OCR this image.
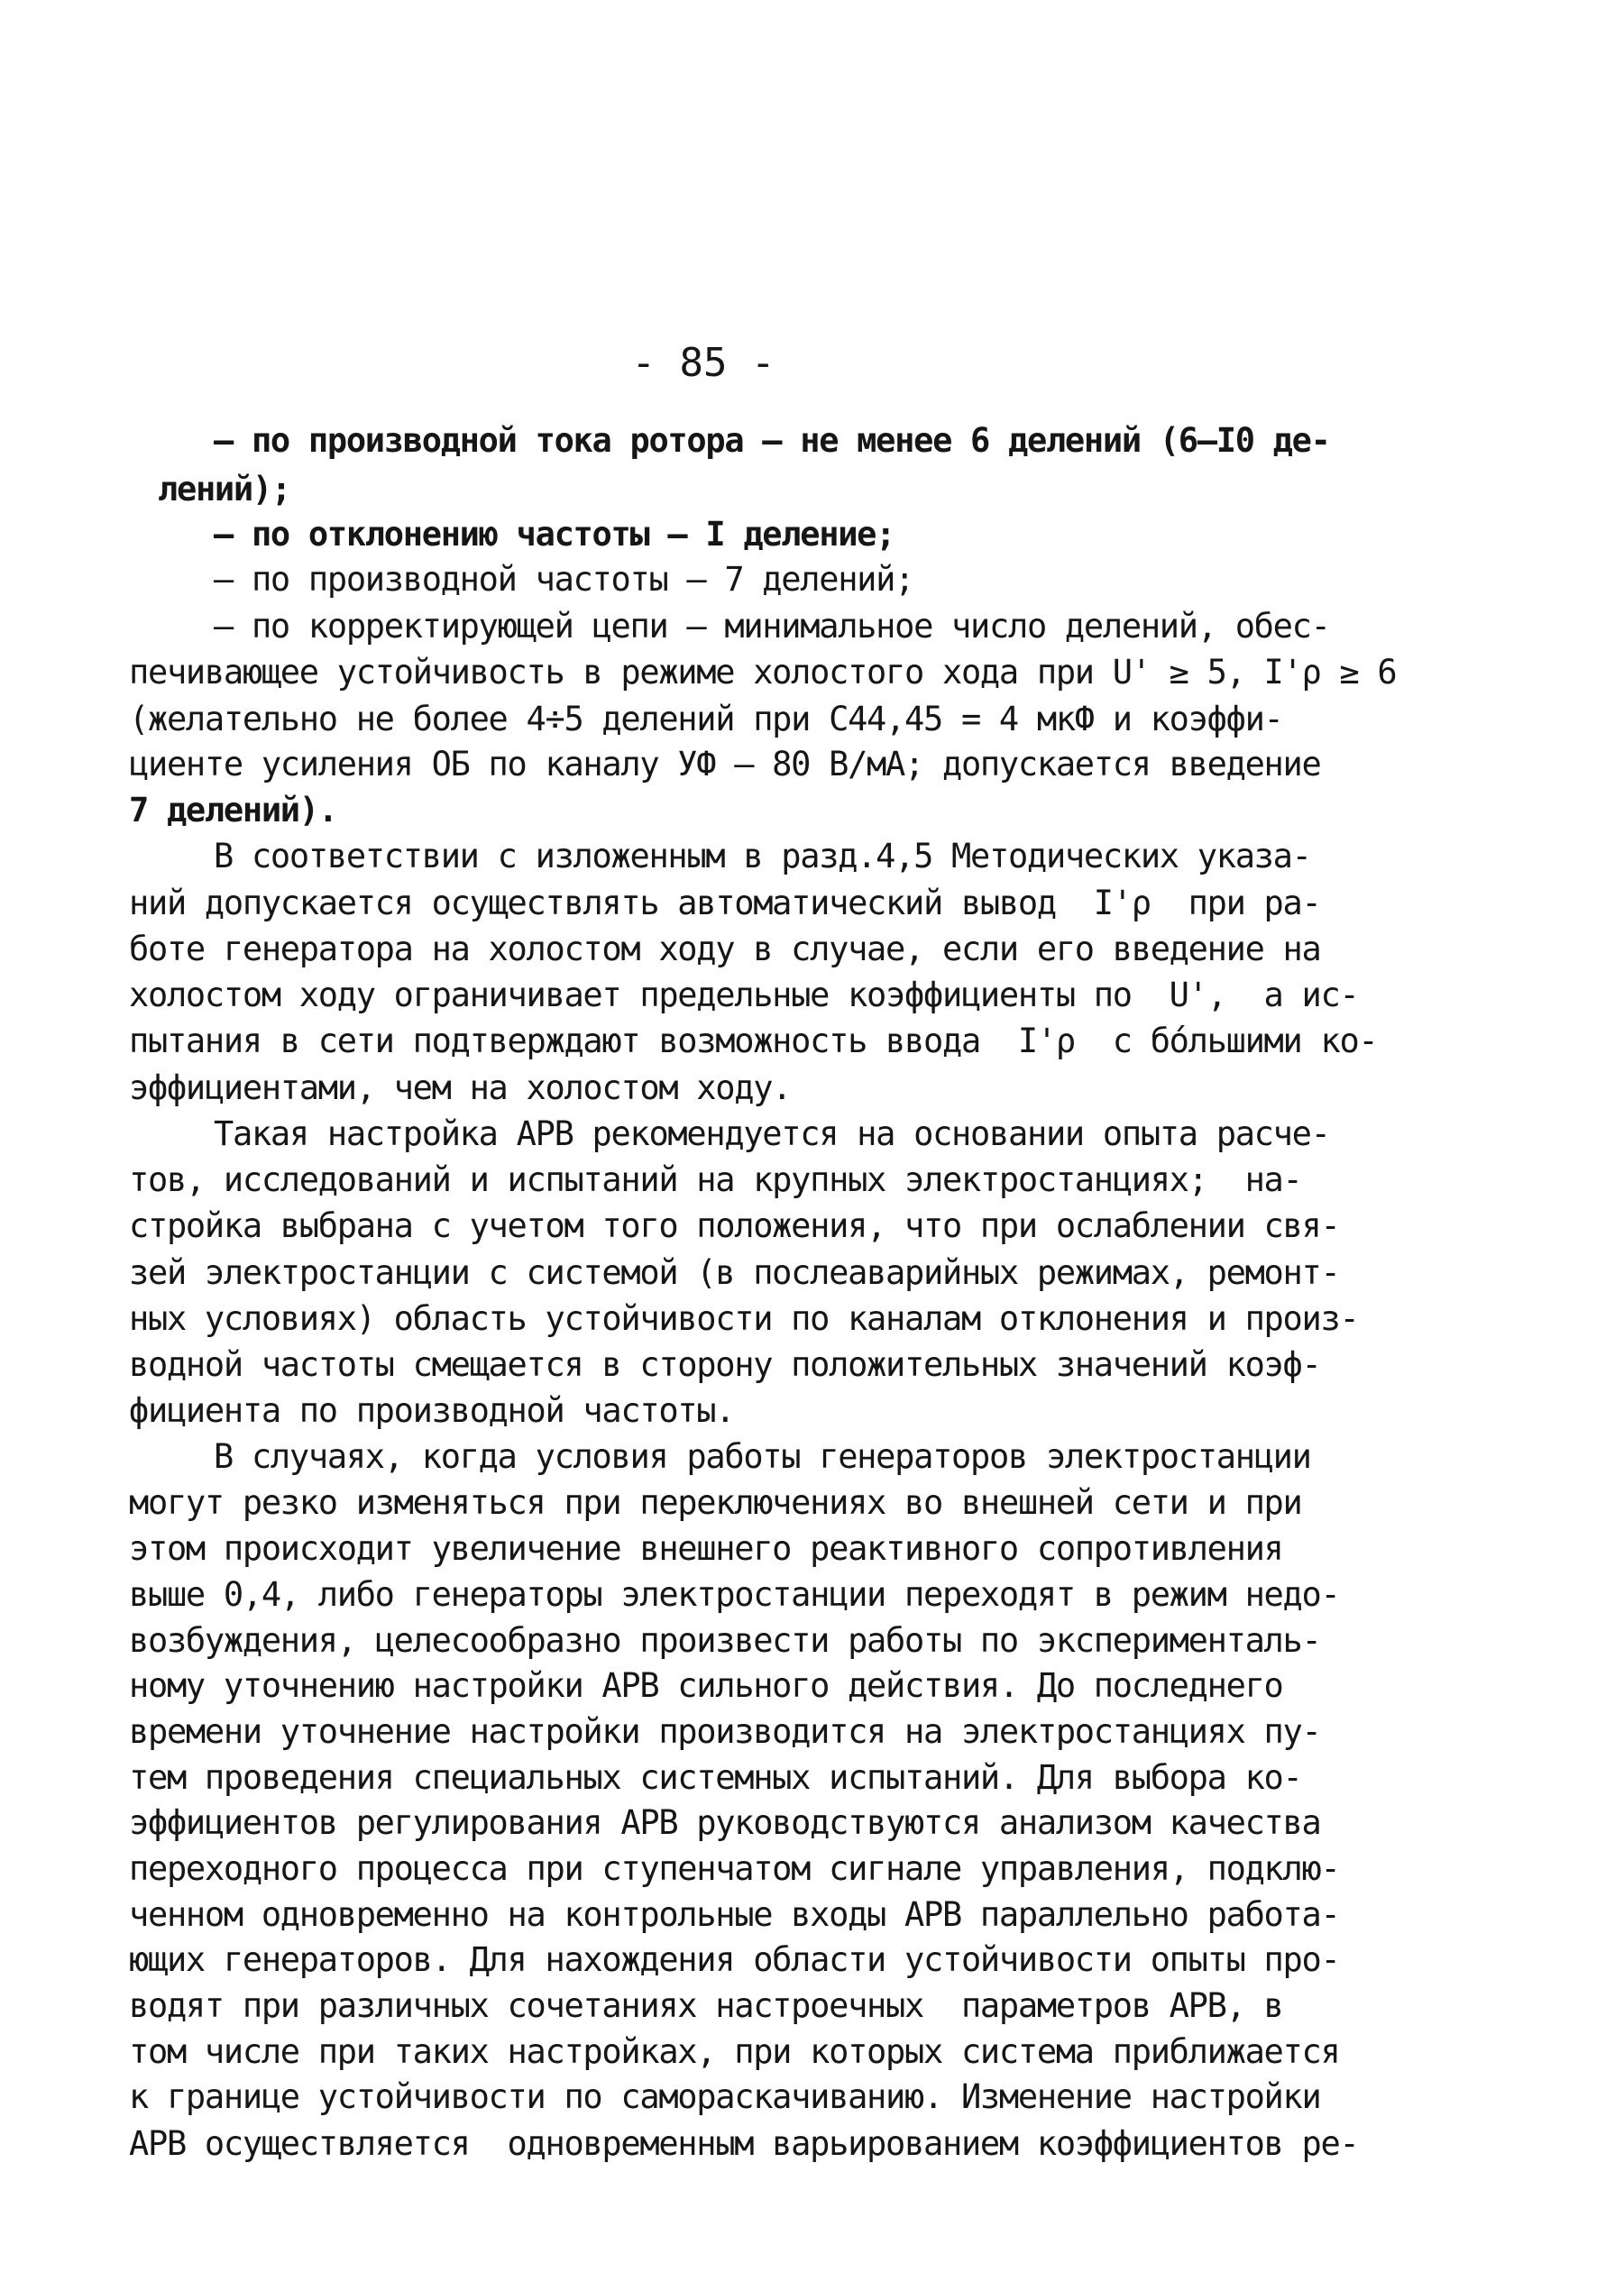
- 85 -
– по производной тока ротора – не менее 6 делений (6–I0 де-
лений);
– по отклонению частоты – I деление;
– по производной частоты – 7 делений;
– по корректирующей цепи – минимальное число делений, обес-
печивающее устойчивость в режиме холостого хода при U' ≥ 5, I'ρ ≥ 6
(желательно не более 4÷5 делений при С44,45 = 4 мкФ и коэффи-
циенте усиления ОБ по каналу УФ – 80 В/мА; допускается введение
7 делений).
В соответствии с изложенным в разд.4,5 Методических указа-
ний допускается осуществлять автоматический вывод  I'ρ  при ра-
боте генератора на холостом ходу в случае, если его введение на
холостом ходу ограничивает предельные коэффициенты по  U',  а ис-
пытания в сети подтверждают возможность ввода  I'ρ  с бо́льшими ко-
эффициентами, чем на холостом ходу.
Такая настройка АРВ рекомендуется на основании опыта расче-
тов, исследований и испытаний на крупных электростанциях;  на-
стройка выбрана с учетом того положения, что при ослаблении свя-
зей электростанции с системой (в послеаварийных режимах, ремонт-
ных условиях) область устойчивости по каналам отклонения и произ-
водной частоты смещается в сторону положительных значений коэф-
фициента по производной частоты.
В случаях, когда условия работы генераторов электростанции
могут резко изменяться при переключениях во внешней сети и при
этом происходит увеличение внешнего реактивного сопротивления
выше 0,4, либо генераторы электростанции переходят в режим недо-
возбуждения, целесообразно произвести работы по эксперименталь-
ному уточнению настройки АРВ сильного действия. До последнего
времени уточнение настройки производится на электростанциях пу-
тем проведения специальных системных испытаний. Для выбора ко-
эффициентов регулирования АРВ руководствуются анализом качества
переходного процесса при ступенчатом сигнале управления, подклю-
ченном одновременно на контрольные входы АРВ параллельно работа-
ющих генераторов. Для нахождения области устойчивости опыты про-
водят при различных сочетаниях настроечных  параметров АРВ, в
том числе при таких настройках, при которых система приближается
к границе устойчивости по самораскачиванию. Изменение настройки
АРВ осуществляется  одновременным варьированием коэффициентов ре-
